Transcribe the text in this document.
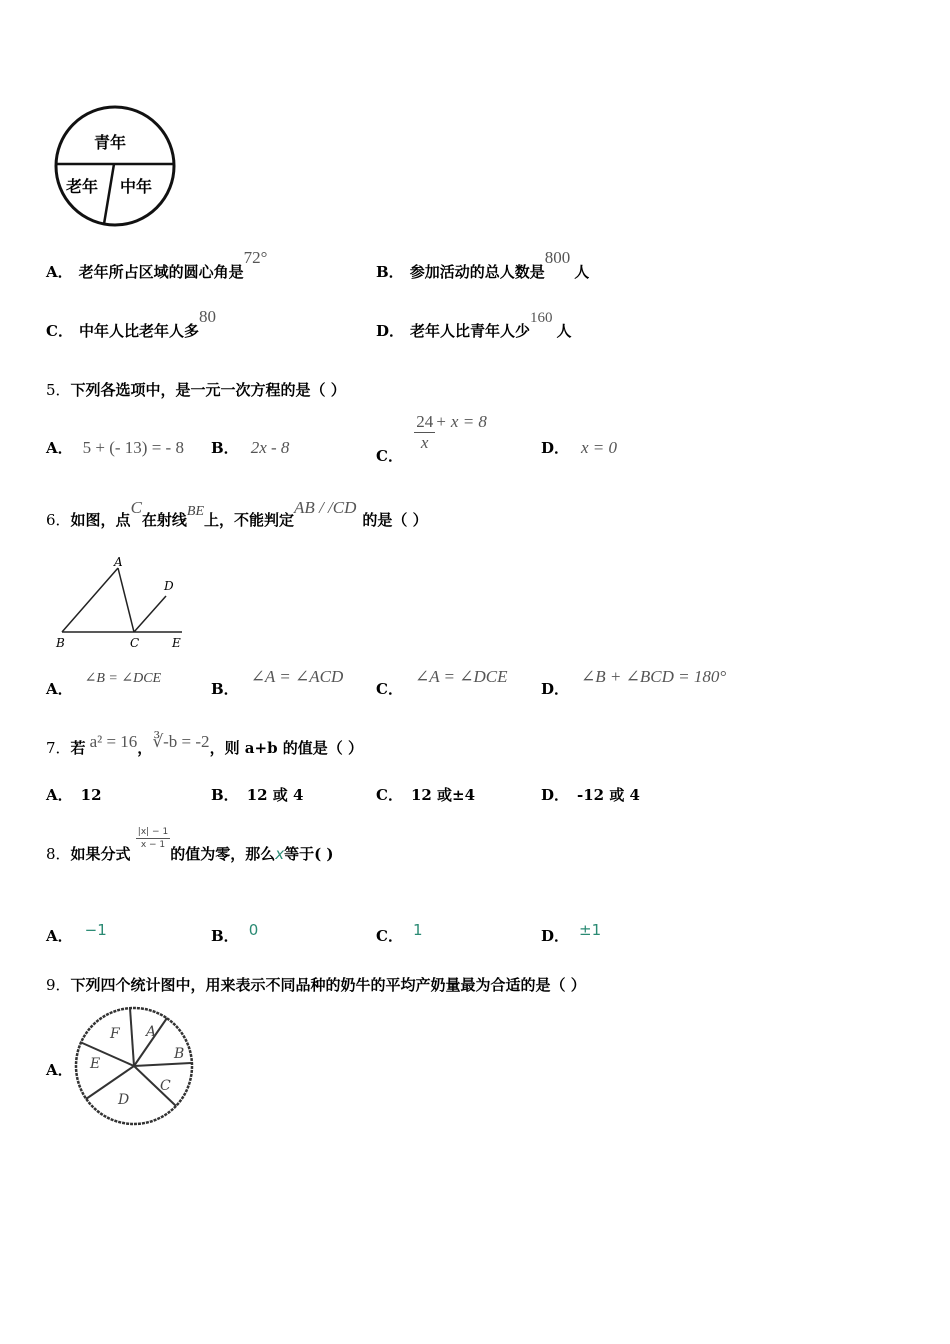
青年
老年 中年
A． 老年所占区域的圆心角是72°
B． 参加活动的总人数是800人
C． 中年人比老年人多80
D． 老年人比青年人少160人
5．下列各选项中，是一元一次方程的是（ ）
A． 5 + (- 13) = - 8 B． 2x - 8	C．
$\frac{24}{x} + x = 8$
D． x = 0
6．如图，点C在射线BE上，不能判定AB / /CD的是（ ）
A
B	C
D
E
A．∠B = ∠DCE
B．∠A = ∠ACD
C．∠A = ∠DCE
D．∠B + ∠BCD = 180°
7．若 a² = 16，∛-b = -2，则 a+b 的值是（ ）
A． 12	B． 12 或 4	C． 12 或±4	D． -12 或 4
8．如果分式
$\frac{|x| - 1}{x - 1}$
的值为零，那么x等于( )
A． −1	B． 0	C． 1	D． ±1
9．下列四个统计图中，用来表示不同品种的奶牛的平均产奶量最为合适的是（ ）
A．
A
B
C
D
E
F
